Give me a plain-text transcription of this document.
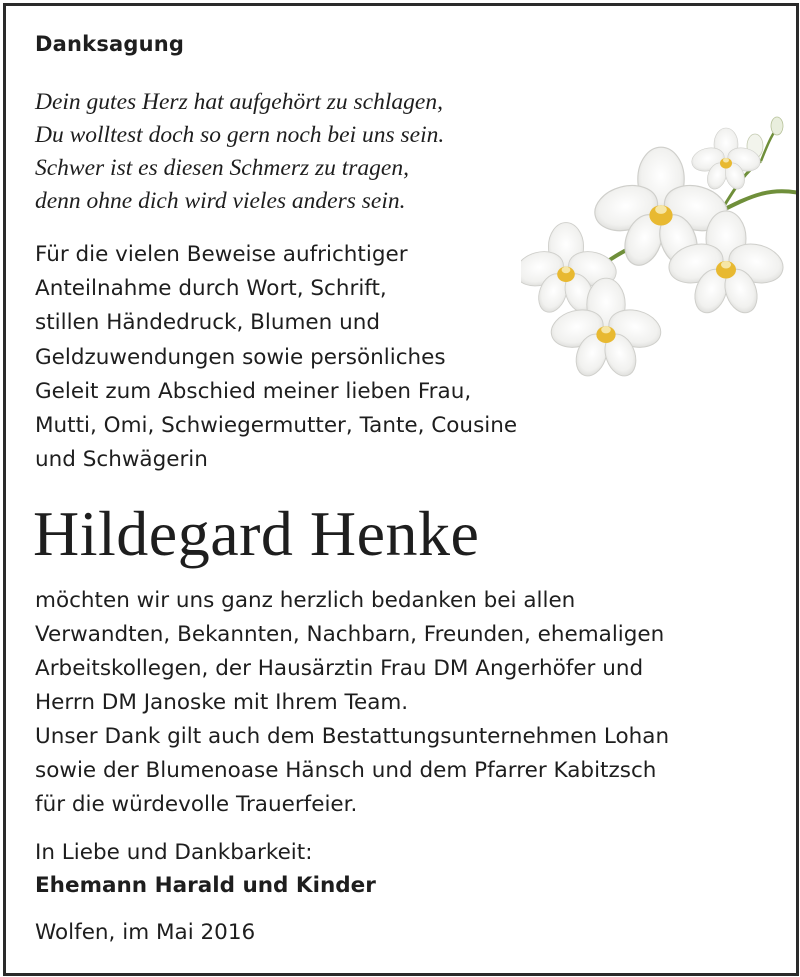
Danksagung
Dein gutes Herz hat aufgehört zu schlagen,
Du wolltest doch so gern noch bei uns sein.
Schwer ist es diesen Schmerz zu tragen,
denn ohne dich wird vieles anders sein.
Für die vielen Beweise aufrichtiger
Anteilnahme durch Wort, Schrift,
stillen Händedruck, Blumen und
Geldzuwendungen sowie persönliches
Geleit zum Abschied meiner lieben Frau,
Mutti, Omi, Schwiegermutter, Tante, Cousine
und Schwägerin
Hildegard Henke
möchten wir uns ganz herzlich bedanken bei allen
Verwandten, Bekannten, Nachbarn, Freunden, ehemaligen
Arbeitskollegen, der Hausärztin Frau DM Angerhöfer und
Herrn DM Janoske mit Ihrem Team.
Unser Dank gilt auch dem Bestattungsunternehmen Lohan
sowie der Blumenoase Hänsch und dem Pfarrer Kabitzsch
für die würdevolle Trauerfeier.
In Liebe und Dankbarkeit:
Ehemann Harald und Kinder
Wolfen, im Mai 2016
